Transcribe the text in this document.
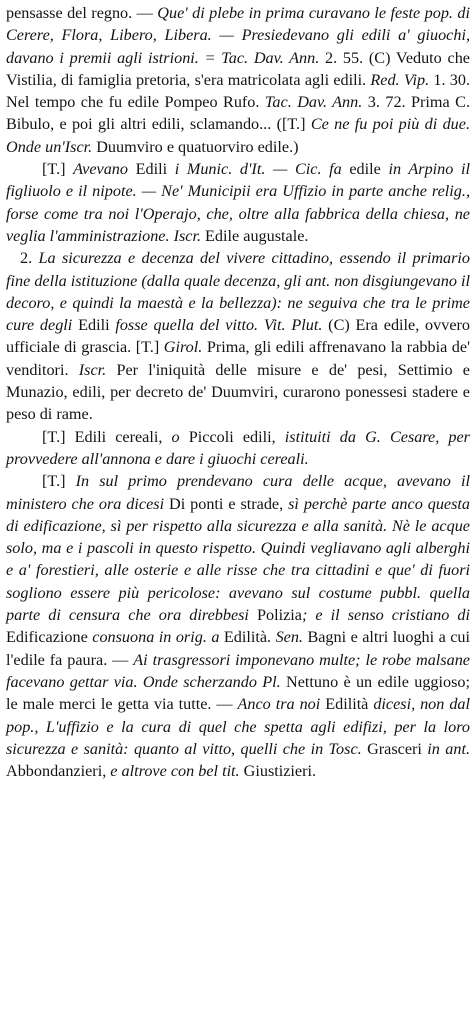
pensasse del regno. — Que' di plebe in prima curavano le feste pop. di Cerere, Flora, Libero, Libera. — Presiedevano gli edili a' giuochi, davano i premii agli istrioni. = Tac. Dav. Ann. 2. 55. (C) Veduto che Vistilia, di famiglia pretoria, s'era matricolata agli edili. Red. Vip. 1. 30. Nel tempo che fu edile Pompeo Rufo. Tac. Dav. Ann. 3. 72. Prima C. Bibulo, e poi gli altri edili, sclamando... ([T.] Ce ne fu poi più di due. Onde un'Iscr. Duumviro e quatuorviro edile.)

[T.] Avevano Edili i Munic. d'It. — Cic. fa edile in Arpino il figliuolo e il nipote. — Ne' Municipii era Uffizio in parte anche relig., forse come tra noi l'Operajo, che, oltre alla fabbrica della chiesa, ne veglia l'amministrazione. Iscr. Edile augustale.

2. La sicurezza e decenza del vivere cittadino, essendo il primario fine della istituzione (dalla quale decenza, gli ant. non disgiungevano il decoro, e quindi la maestà e la bellezza): ne seguiva che tra le prime cure degli Edili fosse quella del vitto. Vit. Plut. (C) Era edile, ovvero ufficiale di grascia. [T.] Girol. Prima, gli edili affrenavano la rabbia de' venditori. Iscr. Per l'iniquità delle misure e de' pesi, Settimio e Munazio, edili, per decreto de' Duumviri, curarono ponessesi stadere e peso di rame.

[T.] Edili cereali, o Piccoli edili, istituiti da G. Cesare, per provvedere all'annona e dare i giuochi cereali.

[T.] In sul primo prendevano cura delle acque, avevano il ministero che ora dicesi Di ponti e strade, sì perchè parte anco questa di edificazione, sì per rispetto alla sicurezza e alla sanità. Nè le acque solo, ma e i pascoli in questo rispetto. Quindi vegliavano agli alberghi e a' forestieri, alle osterie e alle risse che tra cittadini e que' di fuori sogliono essere più pericolose: avevano sul costume pubbl. quella parte di censura che ora direbbesi Polizia; e il senso cristiano di Edificazione consuona in orig. a Edilità. Sen. Bagni e altri luoghi a cui l'edile fa paura. — Ai trasgressori imponevano multe; le robe malsane facevano gettar via. Onde scherzando Pl. Nettuno è un edile uggioso; le male merci le getta via tutte. — Anco tra noi Edilità dicesi, non dal pop., L'uffizio e la cura di quel che spetta agli edifizi, per la loro sicurezza e sanità: quanto al vitto, quelli che in Tosc. Grasceri in ant. Abbondanzieri, e altrove con bel tit. Giustizieri.
